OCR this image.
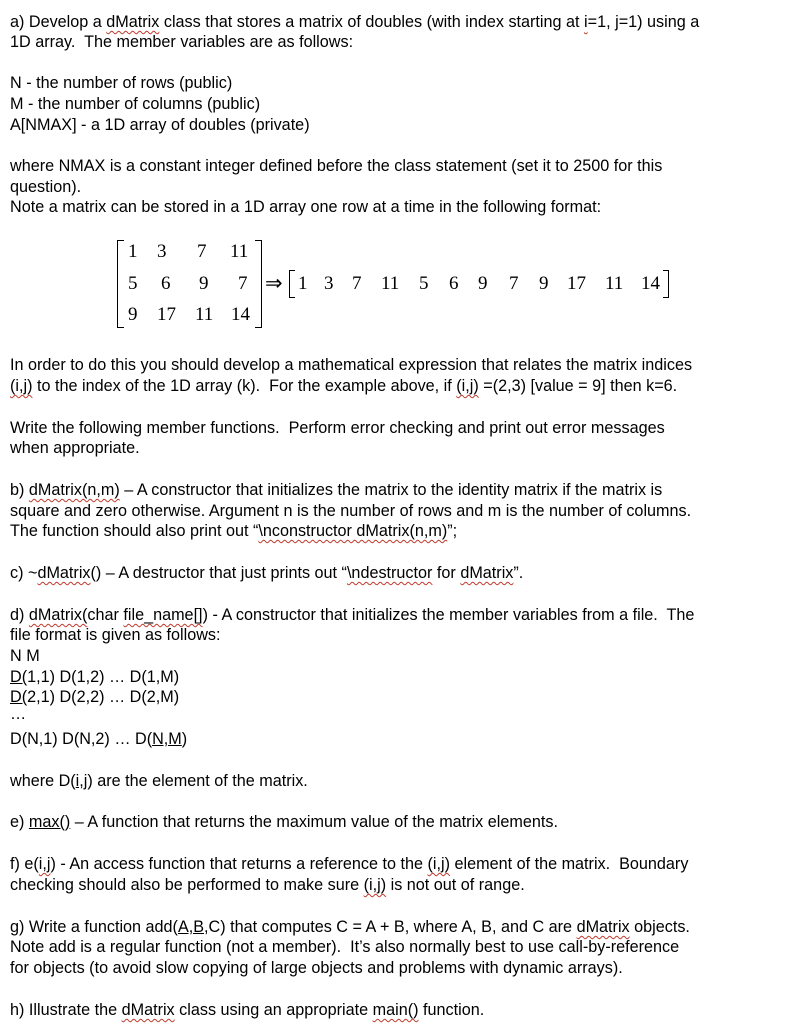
a) Develop a dMatrix class that stores a matrix of doubles (with index starting at i=1, j=1) using a
1D array.  The member variables are as follows:
N - the number of rows (public)
M - the number of columns (public)
A[NMAX] - a 1D array of doubles (private)
where NMAX is a constant integer defined before the class statement (set it to 2500 for this
question).
Note a matrix can be stored in a 1D array one row at a time in the following format:
1 3 7 11
5 6 9 7
9 17 11 14
⇒ 1 3 7 11 5 6 9 7 9 17 11 14
In order to do this you should develop a mathematical expression that relates the matrix indices
(i,j) to the index of the 1D array (k).  For the example above, if (i,j) =(2,3) [value = 9] then k=6.
Write the following member functions.  Perform error checking and print out error messages
when appropriate.
b) dMatrix(n,m) – A constructor that initializes the matrix to the identity matrix if the matrix is
square and zero otherwise. Argument n is the number of rows and m is the number of columns.
The function should also print out “\nconstructor dMatrix(n,m)”;
c) ~dMatrix() – A destructor that just prints out “\ndestructor for dMatrix”.
d) dMatrix(char file_name[]) - A constructor that initializes the member variables from a file.  The
file format is given as follows:
N M
D(1,1) D(1,2) … D(1,M)
D(2,1) D(2,2) … D(2,M)
…
D(N,1) D(N,2) … D(N,M)
where D(i,j) are the element of the matrix.
e) max() – A function that returns the maximum value of the matrix elements.
f) e(i,j) - An access function that returns a reference to the (i,j) element of the matrix.  Boundary
checking should also be performed to make sure (i,j) is not out of range.
g) Write a function add(A,B,C) that computes C = A + B, where A, B, and C are dMatrix objects.
Note add is a regular function (not a member).  It’s also normally best to use call-by-reference
for objects (to avoid slow copying of large objects and problems with dynamic arrays).
h) Illustrate the dMatrix class using an appropriate main() function.
